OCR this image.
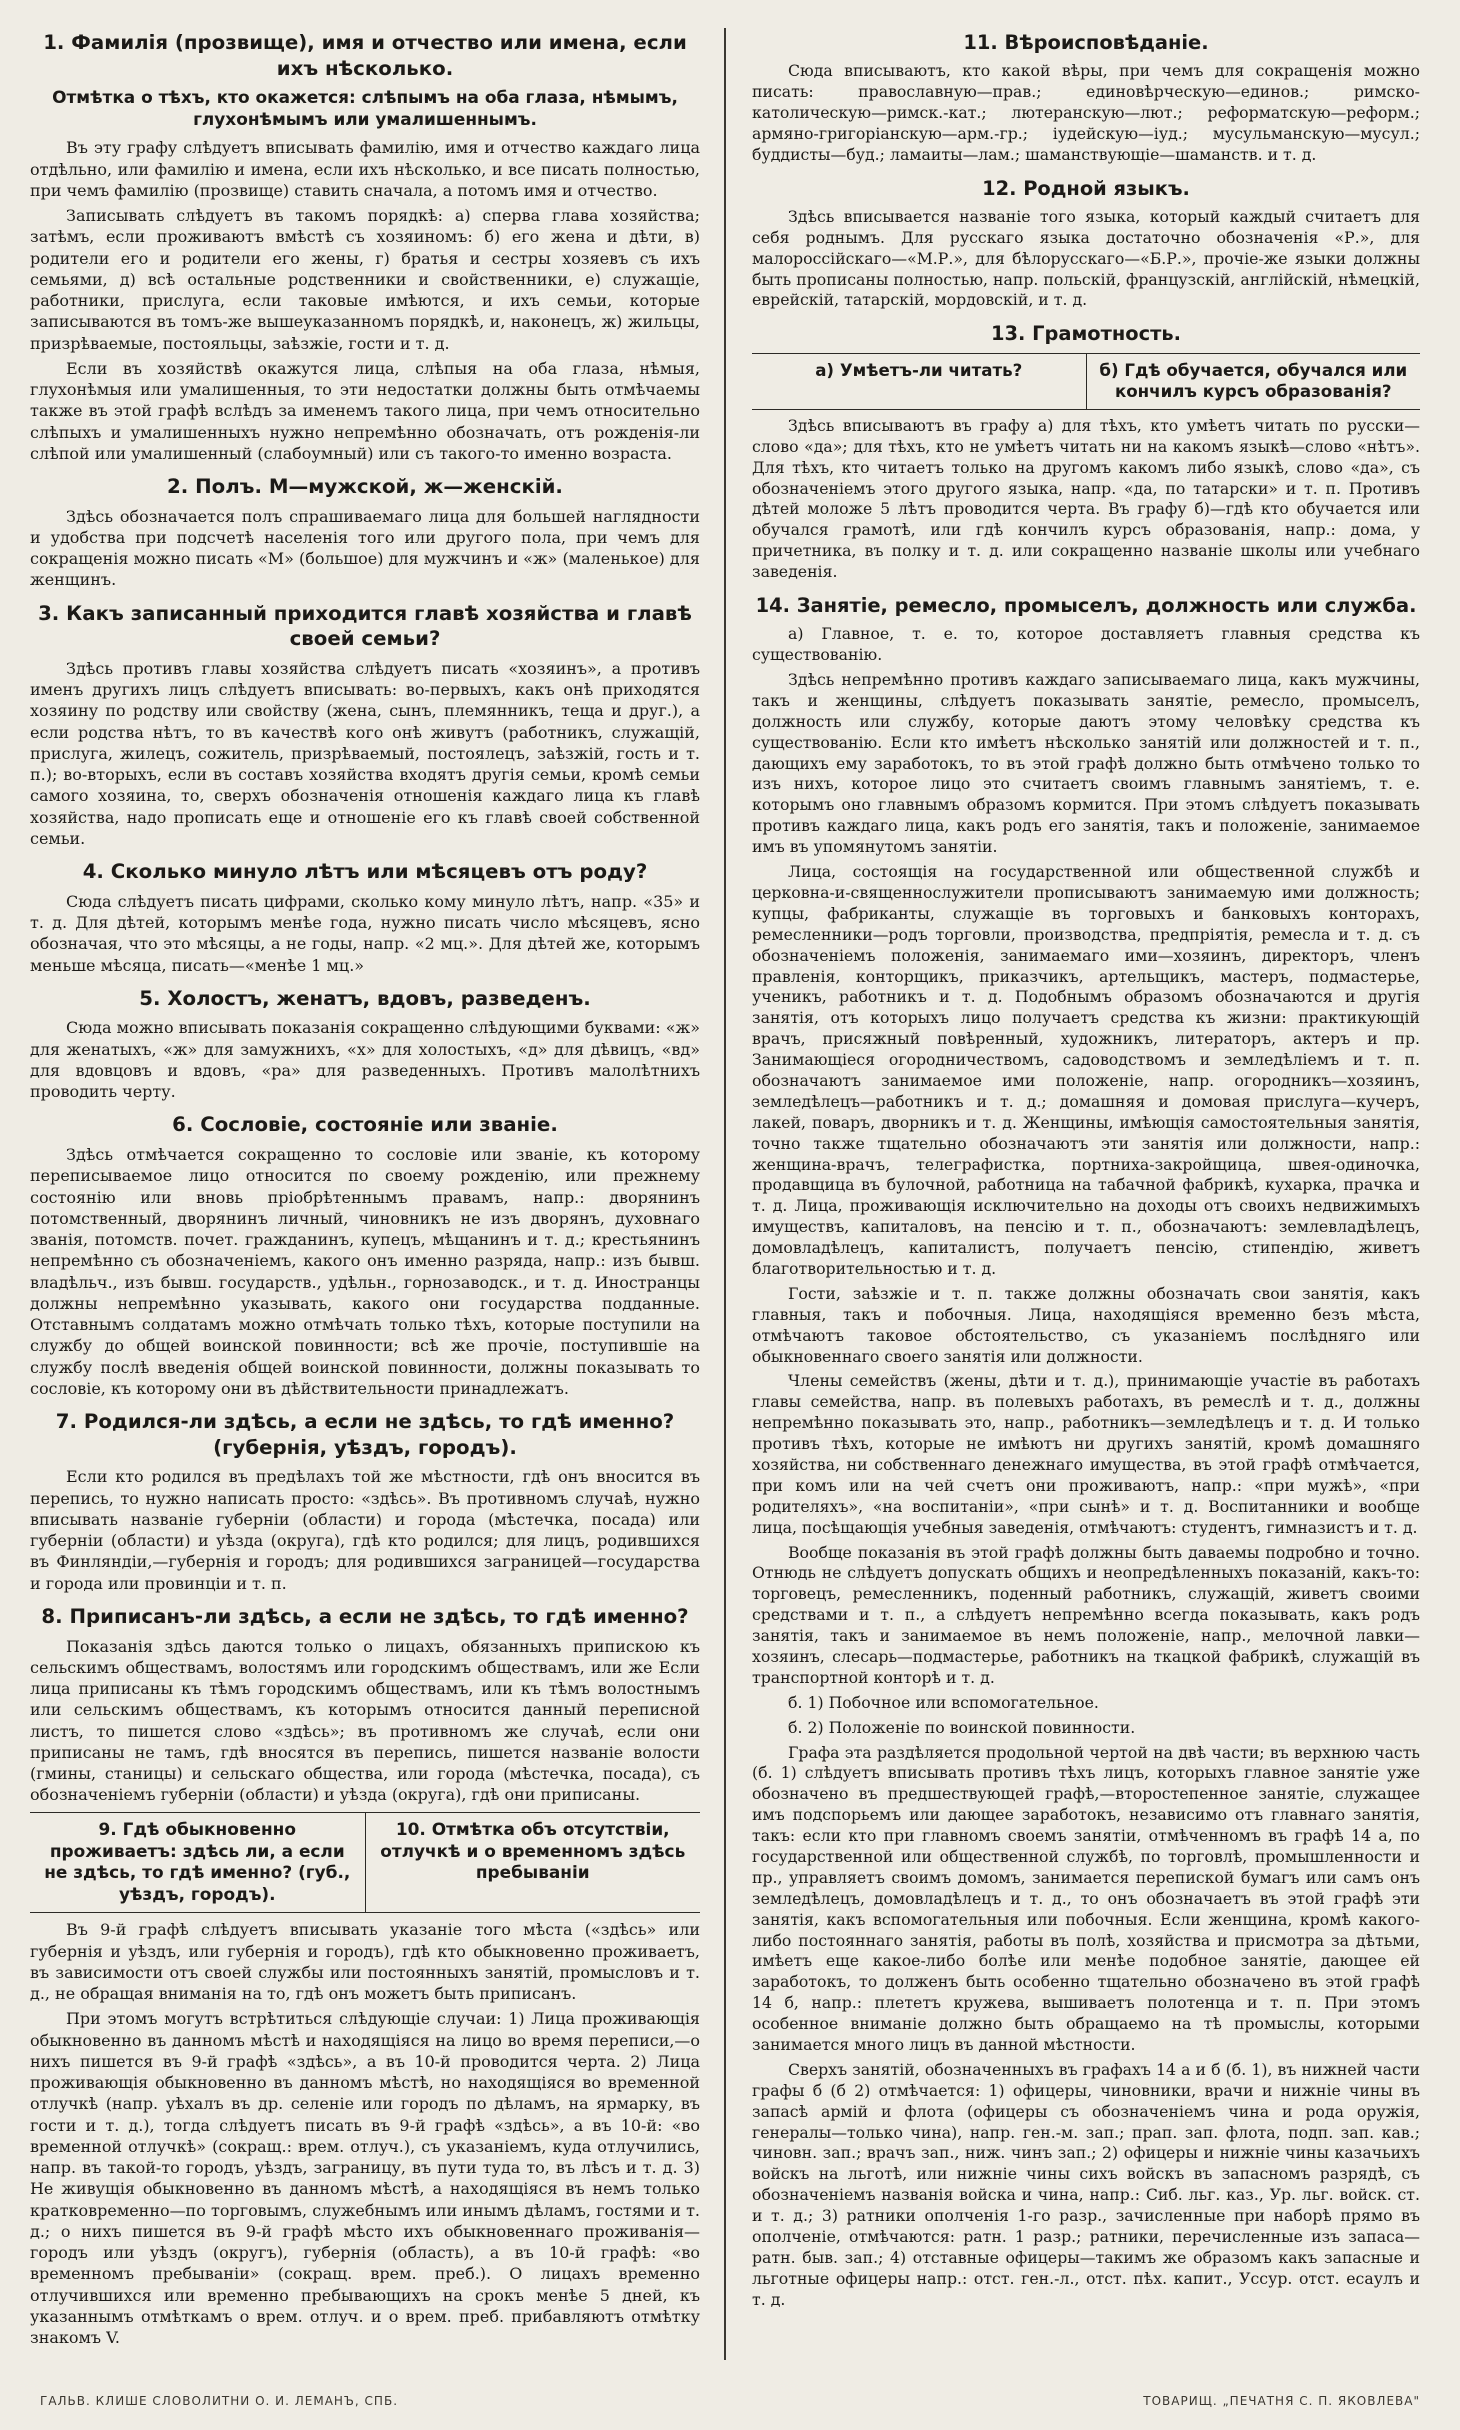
1. Фамилія (прозвище), имя и отчество или имена, если ихъ нѣсколько.
Отмѣтка о тѣхъ, кто окажется: слѣпымъ на оба глаза, нѣмымъ, глухонѣмымъ или умалишеннымъ.

Въ эту графу слѣдуетъ вписывать фамилію, имя и отчество каждаго лица отдѣльно, или фамилію и имена, если ихъ нѣсколько, и все писать полностью, при чемъ фамилію (прозвище) ставить сначала, а потомъ имя и отчество.

Записывать слѣдуетъ въ такомъ порядкѣ: а) сперва глава хозяйства; затѣмъ, если проживаютъ вмѣстѣ съ хозяиномъ: б) его жена и дѣти, в) родители его и родители его жены, г) братья и сестры хозяевъ съ ихъ семьями, д) всѣ остальные родственники и свойственники, е) служащіе, работники, прислуга, если таковые имѣются, и ихъ семьи, которые записываются въ томъ-же вышеуказанномъ порядкѣ, и, наконецъ, ж) жильцы, призрѣваемые, постояльцы, заѣзжіе, гости и т. д.

Если въ хозяйствѣ окажутся лица, слѣпыя на оба глаза, нѣмыя, глухонѣмыя или умалишенныя, то эти недостатки должны быть отмѣчаемы также въ этой графѣ вслѣдъ за именемъ такого лица, при чемъ относительно слѣпыхъ и умалишенныхъ нужно непремѣнно обозначать, отъ рожденія-ли слѣпой или умалишенный (слабоумный) или съ такого-то именно возраста.

2. Полъ. М—мужской, ж—женскій.

Здѣсь обозначается полъ спрашиваемаго лица для большей наглядности и удобства при подсчетѣ населенія того или другого пола, при чемъ для сокращенія можно писать «М» (большое) для мужчинъ и «ж» (маленькое) для женщинъ.

3. Какъ записанный приходится главѣ хозяйства и главѣ своей семьи?

Здѣсь противъ главы хозяйства слѣдуетъ писать «хозяинъ», а противъ именъ другихъ лицъ слѣдуетъ вписывать: во-первыхъ, какъ онѣ приходятся хозяину по родству или свойству (жена, сынъ, племянникъ, теща и друг.), а если родства нѣтъ, то въ качествѣ кого онѣ живутъ (работникъ, служащій, прислуга, жилецъ, сожитель, призрѣваемый, постоялецъ, заѣзжій, гость и т. п.); во-вторыхъ, если въ составъ хозяйства входятъ другія семьи, кромѣ семьи самого хозяина, то, сверхъ обозначенія отношенія каждаго лица къ главѣ хозяйства, надо прописать еще и отношеніе его къ главѣ своей собственной семьи.

4. Сколько минуло лѣтъ или мѣсяцевъ отъ роду?

Сюда слѣдуетъ писать цифрами, сколько кому минуло лѣтъ, напр. «35» и т. д. Для дѣтей, которымъ менѣе года, нужно писать число мѣсяцевъ, ясно обозначая, что это мѣсяцы, а не годы, напр. «2 мц.». Для дѣтей же, которымъ меньше мѣсяца, писать—«менѣе 1 мц.»

5. Холостъ, женатъ, вдовъ, разведенъ.

Сюда можно вписывать показанія сокращенно слѣдующими буквами: «ж» для женатыхъ, «ж» для замужнихъ, «х» для холостыхъ, «д» для дѣвицъ, «вд» для вдовцовъ и вдовъ, «ра» для разведенныхъ. Противъ малолѣтнихъ проводить черту.

6. Сословіе, состояніе или званіе.

Здѣсь отмѣчается сокращенно то сословіе или званіе, къ которому переписываемое лицо относится по своему рожденію, или прежнему состоянію или вновь пріобрѣтеннымъ правамъ, напр.: дворянинъ потомственный, дворянинъ личный, чиновникъ не изъ дворянъ, духовнаго званія, потомств. почет. гражданинъ, купецъ, мѣщанинъ и т. д.; крестьянинъ непремѣнно съ обозначеніемъ, какого онъ именно разряда, напр.: изъ бывш. владѣльч., изъ бывш. государств., удѣльн., горнозаводск., и т. д. Иностранцы должны непремѣнно указывать, какого они государства подданные. Отставнымъ солдатамъ можно отмѣчать только тѣхъ, которые поступили на службу до общей воинской повинности; всѣ же прочіе, поступившіе на службу послѣ введенія общей воинской повинности, должны показывать то сословіе, къ которому они въ дѣйствительности принадлежатъ.

7. Родился-ли здѣсь, а если не здѣсь, то гдѣ именно? (губернія, уѣздъ, городъ).

Если кто родился въ предѣлахъ той же мѣстности, гдѣ онъ вносится въ перепись, то нужно написать просто: «здѣсь». Въ противномъ случаѣ, нужно вписывать названіе губерніи (области) и города (мѣстечка, посада) или губерніи (области) и уѣзда (округа), гдѣ кто родился; для лицъ, родившихся въ Финляндіи,—губернія и городъ; для родившихся заграницей—государства и города или провинціи и т. п.

8. Приписанъ-ли здѣсь, а если не здѣсь, то гдѣ именно?

Показанія здѣсь даются только о лицахъ, обязанныхъ припискою къ сельскимъ обществамъ, волостямъ или городскимъ обществамъ, или же Если лица приписаны къ тѣмъ городскимъ обществамъ, или къ тѣмъ волостнымъ или сельскимъ обществамъ, къ которымъ относится данный переписной листъ, то пишется слово «здѣсь»; въ противномъ же случаѣ, если они приписаны не тамъ, гдѣ вносятся въ перепись, пишется названіе волости (гмины, станицы) и сельскаго общества, или города (мѣстечка, посада), съ обозначеніемъ губерніи (области) и уѣзда (округа), гдѣ они приписаны.

9. Гдѣ обыкновенно проживаетъ: здѣсь ли, а если не здѣсь, то гдѣ именно? (губ., уѣздъ, городъ).
10. Отмѣтка объ отсутствіи, отлучкѣ и о временномъ здѣсь пребываніи

Въ 9-й графѣ слѣдуетъ вписывать указаніе того мѣста («здѣсь» или губернія и уѣздъ, или губернія и городъ), гдѣ кто обыкновенно проживаетъ, въ зависимости отъ своей службы или постоянныхъ занятій, промысловъ и т. д., не обращая вниманія на то, гдѣ онъ можетъ быть приписанъ.

При этомъ могутъ встрѣтиться слѣдующіе случаи: 1) Лица проживающія обыкновенно въ данномъ мѣстѣ и находящіяся на лицо во время переписи,—о нихъ пишется въ 9-й графѣ «здѣсь», а въ 10-й проводится черта. 2) Лица проживающія обыкновенно въ данномъ мѣстѣ, но находящіяся во временной отлучкѣ (напр. уѣхалъ въ др. селеніе или городъ по дѣламъ, на ярмарку, въ гости и т. д.), тогда слѣдуетъ писать въ 9-й графѣ «здѣсь», а въ 10-й: «во временной отлучкѣ» (сокращ.: врем. отлуч.), съ указаніемъ, куда отлучились, напр. въ такой-то городъ, уѣздъ, заграницу, въ пути туда то, въ лѣсъ и т. д. 3) Не живущія обыкновенно въ данномъ мѣстѣ, а находящіяся въ немъ только кратковременно—по торговымъ, служебнымъ или инымъ дѣламъ, гостями и т. д.; о нихъ пишется въ 9-й графѣ мѣсто ихъ обыкновеннаго проживанія—городъ или уѣздъ (округъ), губернія (область), а въ 10-й графѣ: «во временномъ пребываніи» (сокращ. врем. преб.). О лицахъ временно отлучившихся или временно пребывающихъ на срокъ менѣе 5 дней, къ указаннымъ отмѣткамъ о врем. отлуч. и о врем. преб. прибавляютъ отмѣтку знакомъ V.

11. Вѣроисповѣданіе.

Сюда вписываютъ, кто какой вѣры, при чемъ для сокращенія можно писать: православную—прав.; единовѣрческую—единов.; римско-католическую—римск.-кат.; лютеранскую—лют.; реформатскую—реформ.; армяно-григоріанскую—арм.-гр.; іудейскую—іуд.; мусульманскую—мусул.; буддисты—буд.; ламаиты—лам.; шаманствующіе—шаманств. и т. д.

12. Родной языкъ.

Здѣсь вписывается названіе того языка, который каждый считаетъ для себя роднымъ. Для русскаго языка достаточно обозначенія «Р.», для малороссійскаго—«М.Р.», для бѣлорусскаго—«Б.Р.», прочіе-же языки должны быть прописаны полностью, напр. польскій, французскій, англійскій, нѣмецкій, еврейскій, татарскій, мордовскій, и т. д.

13. Грамотность.
а) Умѣетъ-ли читать?	б) Гдѣ обучается, обучался или кончилъ курсъ образованія?

Здѣсь вписываютъ въ графу а) для тѣхъ, кто умѣетъ читать по русски—слово «да»; для тѣхъ, кто не умѣетъ читать ни на какомъ языкѣ—слово «нѣтъ». Для тѣхъ, кто читаетъ только на другомъ какомъ либо языкѣ, слово «да», съ обозначеніемъ этого другого языка, напр. «да, по татарски» и т. п. Противъ дѣтей моложе 5 лѣтъ проводится черта. Въ графу б)—гдѣ кто обучается или обучался грамотѣ, или гдѣ кончилъ курсъ образованія, напр.: дома, у причетника, въ полку и т. д. или сокращенно названіе школы или учебнаго заведенія.

14. Занятіе, ремесло, промыселъ, должность или служба.

а) Главное, т. е. то, которое доставляетъ главныя средства къ существованію.

Здѣсь непремѣнно противъ каждаго записываемаго лица, какъ мужчины, такъ и женщины, слѣдуетъ показывать занятіе, ремесло, промыселъ, должность или службу, которые даютъ этому человѣку средства къ существованію. Если кто имѣетъ нѣсколько занятій или должностей и т. п., дающихъ ему заработокъ, то въ этой графѣ должно быть отмѣчено только то изъ нихъ, которое лицо это считаетъ своимъ главнымъ занятіемъ, т. е. которымъ оно главнымъ образомъ кормится. При этомъ слѣдуетъ показывать противъ каждаго лица, какъ родъ его занятія, такъ и положеніе, занимаемое имъ въ упомянутомъ занятіи.

Лица, состоящія на государственной или общественной службѣ и церковна-и-священнослужители прописываютъ занимаемую ими должность; купцы, фабриканты, служащіе въ торговыхъ и банковыхъ конторахъ, ремесленники—родъ торговли, производства, предпріятія, ремесла и т. д. съ обозначеніемъ положенія, занимаемаго ими—хозяинъ, директоръ, членъ правленія, конторщикъ, приказчикъ, артельщикъ, мастеръ, подмастерье, ученикъ, работникъ и т. д. Подобнымъ образомъ обозначаются и другія занятія, отъ которыхъ лицо получаетъ средства къ жизни: практикующій врачъ, присяжный повѣренный, художникъ, литераторъ, актеръ и пр. Занимающіеся огородничествомъ, садоводствомъ и земледѣліемъ и т. п. обозначаютъ занимаемое ими положеніе, напр. огородникъ—хозяинъ, земледѣлецъ—работникъ и т. д.; домашняя и домовая прислуга—кучеръ, лакей, поваръ, дворникъ и т. д. Женщины, имѣющія самостоятельныя занятія, точно также тщательно обозначаютъ эти занятія или должности, напр.: женщина-врачъ, телеграфистка, портниха-закройщица, швея-одиночка, продавщица въ булочной, работница на табачной фабрикѣ, кухарка, прачка и т. д. Лица, проживающія исключительно на доходы отъ своихъ недвижимыхъ имуществъ, капиталовъ, на пенсію и т. п., обозначаютъ: землевладѣлецъ, домовладѣлецъ, капиталистъ, получаетъ пенсію, стипендію, живетъ благотворительностью и т. д.

Гости, заѣзжіе и т. п. также должны обозначать свои занятія, какъ главныя, такъ и побочныя. Лица, находящіяся временно безъ мѣста, отмѣчаютъ таковое обстоятельство, съ указаніемъ послѣдняго или обыкновеннаго своего занятія или должности.

Члены семействъ (жены, дѣти и т. д.), принимающіе участіе въ работахъ главы семейства, напр. въ полевыхъ работахъ, въ ремеслѣ и т. д., должны непремѣнно показывать это, напр., работникъ—земледѣлецъ и т. д. И только противъ тѣхъ, которые не имѣютъ ни другихъ занятій, кромѣ домашняго хозяйства, ни собственнаго денежнаго имущества, въ этой графѣ отмѣчается, при комъ или на чей счетъ они проживаютъ, напр.: «при мужѣ», «при родителяхъ», «на воспитаніи», «при сынѣ» и т. д. Воспитанники и вообще лица, посѣщающія учебныя заведенія, отмѣчаютъ: студентъ, гимназистъ и т. д.

Вообще показанія въ этой графѣ должны быть даваемы подробно и точно. Отнюдь не слѣдуетъ допускать общихъ и неопредѣленныхъ показаній, какъ-то: торговецъ, ремесленникъ, поденный работникъ, служащій, живетъ своими средствами и т. п., а слѣдуетъ непремѣнно всегда показывать, какъ родъ занятія, такъ и занимаемое въ немъ положеніе, напр., мелочной лавки—хозяинъ, слесарь—подмастерье, работникъ на ткацкой фабрикѣ, служащій въ транспортной конторѣ и т. д.

б. 1) Побочное или вспомогательное.

б. 2) Положеніе по воинской повинности.

Графа эта раздѣляется продольной чертой на двѣ части; въ верхнюю часть (б. 1) слѣдуетъ вписывать противъ тѣхъ лицъ, которыхъ главное занятіе уже обозначено въ предшествующей графѣ,—второстепенное занятіе, служащее имъ подспорьемъ или дающее заработокъ, независимо отъ главнаго занятія, такъ: если кто при главномъ своемъ занятіи, отмѣченномъ въ графѣ 14 а, по государственной или общественной службѣ, по торговлѣ, промышленности и пр., управляетъ своимъ домомъ, занимается перепиской бумагъ или самъ онъ земледѣлецъ, домовладѣлецъ и т. д., то онъ обозначаетъ въ этой графѣ эти занятія, какъ вспомогательныя или побочныя. Если женщина, кромѣ какого-либо постояннаго занятія, работы въ полѣ, хозяйства и присмотра за дѣтьми, имѣетъ еще какое-либо болѣе или менѣе подобное занятіе, дающее ей заработокъ, то долженъ быть особенно тщательно обозначено въ этой графѣ 14 б, напр.: плететъ кружева, вышиваетъ полотенца и т. п. При этомъ особенное вниманіе должно быть обращаемо на тѣ промыслы, которыми занимается много лицъ въ данной мѣстности.

Сверхъ занятій, обозначенныхъ въ графахъ 14 а и б (б. 1), въ нижней части графы б (б 2) отмѣчается: 1) офицеры, чиновники, врачи и нижніе чины въ запасѣ армій и флота (офицеры съ обозначеніемъ чина и рода оружія, генералы—только чина), напр. ген.-м. зап.; прап. зап. флота, подп. зап. кав.; чиновн. зап.; врачъ зап., ниж. чинъ зап.; 2) офицеры и нижніе чины казачьихъ войскъ на льготѣ, или нижніе чины сихъ войскъ въ запасномъ разрядѣ, съ обозначеніемъ названія войска и чина, напр.: Сиб. льг. каз., Ур. льг. войск. ст. и т. д.; 3) ратники ополченія 1-го разр., зачисленные при наборѣ прямо въ ополченіе, отмѣчаются: ратн. 1 разр.; ратники, перечисленные изъ запаса—ратн. быв. зап.; 4) отставные офицеры—такимъ же образомъ какъ запасные и льготные офицеры напр.: отст. ген.-л., отст. пѣх. капит., Уссур. отст. есаулъ и т. д.

ГАЛЬВ. КЛИШЕ СЛОВОЛИТНИ О. И. ЛЕМАНЪ, СПБ.	ТОВАРИЩ. „ПЕЧАТНЯ С. П. ЯКОВЛЕВА"
